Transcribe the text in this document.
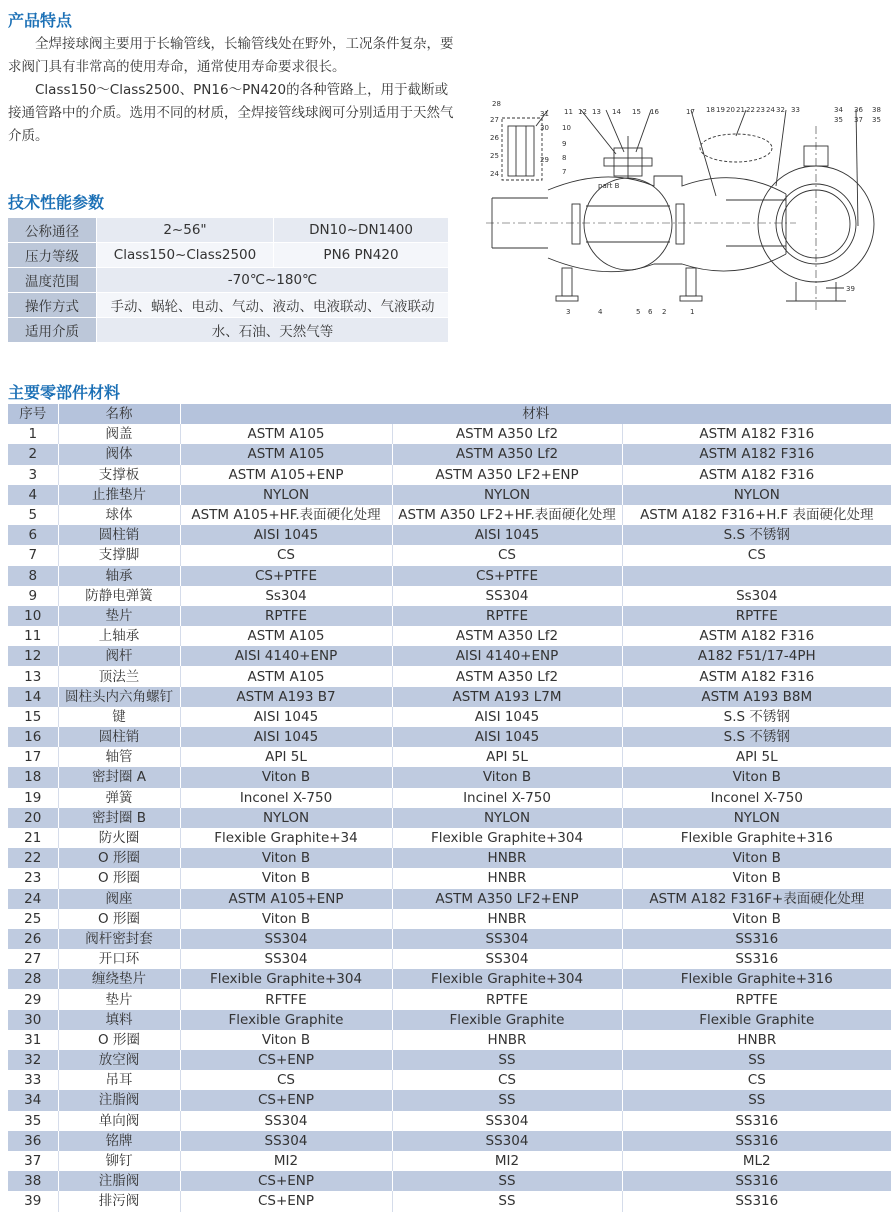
产品特点

全焊接球阀主要用于长输管线，长输管线处在野外，工况条件复杂，要求阀门具有非常高的使用寿命，通常使用寿命要求很长。

Class150～Class2500、PN16～PN420的各种管路上，用于截断或接通管路中的介质。选用不同的材质，全焊接管线球阀可分别适用于天然气介质。

技术性能参数
公称通径	2~56"	DN10~DN1400
压力等级	Class150~Class2500	PN6 PN420
温度范围	-70℃~180℃	
操作方式	手动、蜗轮、电动、气动、液动、电液联动、气液联动	
适用介质	水、石油、天然气等	
part B
28
27
26
25
24
31
30
29
11 12 13 14 15 16
10
9
8
7
17 18 19 20 21 22 23 24 32 33	34
35
36
37
38
35
3	4	5 6 2	1
39
主要零部件材料
序号	名称	材料		
1	阀盖	ASTM A105	ASTM A350 Lf2	ASTM A182 F316
2	阀体	ASTM A105	ASTM A350 Lf2	ASTM A182 F316
3	支撑板	ASTM A105+ENP	ASTM A350 LF2+ENP	ASTM A182 F316
4	止推垫片	NYLON	NYLON	NYLON
5	球体	ASTM A105+HF.表面硬化处理	ASTM A350 LF2+HF.表面硬化处理	ASTM A182 F316+H.F 表面硬化处理
6	圆柱销	AISI 1045	AISI 1045	S.S 不锈钢
7	支撑脚	CS	CS	CS
8	轴承	CS+PTFE	CS+PTFE	
9	防静电弹簧	Ss304	SS304	Ss304
10	垫片	RPTFE	RPTFE	RPTFE
11	上轴承	ASTM A105	ASTM A350 Lf2	ASTM A182 F316
12	阀杆	AISI 4140+ENP	AISI 4140+ENP	A182 F51/17-4PH
13	顶法兰	ASTM A105	ASTM A350 Lf2	ASTM A182 F316
14	圆柱头内六角螺钉	ASTM A193 B7	ASTM A193 L7M	ASTM A193 B8M
15	键	AISI 1045	AISI 1045	S.S 不锈钢
16	圆柱销	AISI 1045	AISI 1045	S.S 不锈钢
17	轴管	API 5L	API 5L	API 5L
18	密封圈 A	Viton B	Viton B	Viton B
19	弹簧	Inconel X-750	Incinel X-750	Inconel X-750
20	密封圈 B	NYLON	NYLON	NYLON
21	防火圈	Flexible Graphite+34	Flexible Graphite+304	Flexible Graphite+316
22	O 形圈	Viton B	HNBR	Viton B
23	O 形圈	Viton B	HNBR	Viton B
24	阀座	ASTM A105+ENP	ASTM A350 LF2+ENP	ASTM A182 F316F+表面硬化处理
25	O 形圈	Viton B	HNBR	Viton B
26	阀杆密封套	SS304	SS304	SS316
27	开口环	SS304	SS304	SS316
28	缠绕垫片	Flexible Graphite+304	Flexible Graphite+304	Flexible Graphite+316
29	垫片	RFTFE	RPTFE	RPTFE
30	填料	Flexible Graphite	Flexible Graphite	Flexible Graphite
31	O 形圈	Viton B	HNBR	HNBR
32	放空阀	CS+ENP	SS	SS
33	吊耳	CS	CS	CS
34	注脂阀	CS+ENP	SS	SS
35	单向阀	SS304	SS304	SS316
36	铭牌	SS304	SS304	SS316
37	铆钉	MI2	MI2	ML2
38	注脂阀	CS+ENP	SS	SS316
39	排污阀	CS+ENP	SS	SS316
